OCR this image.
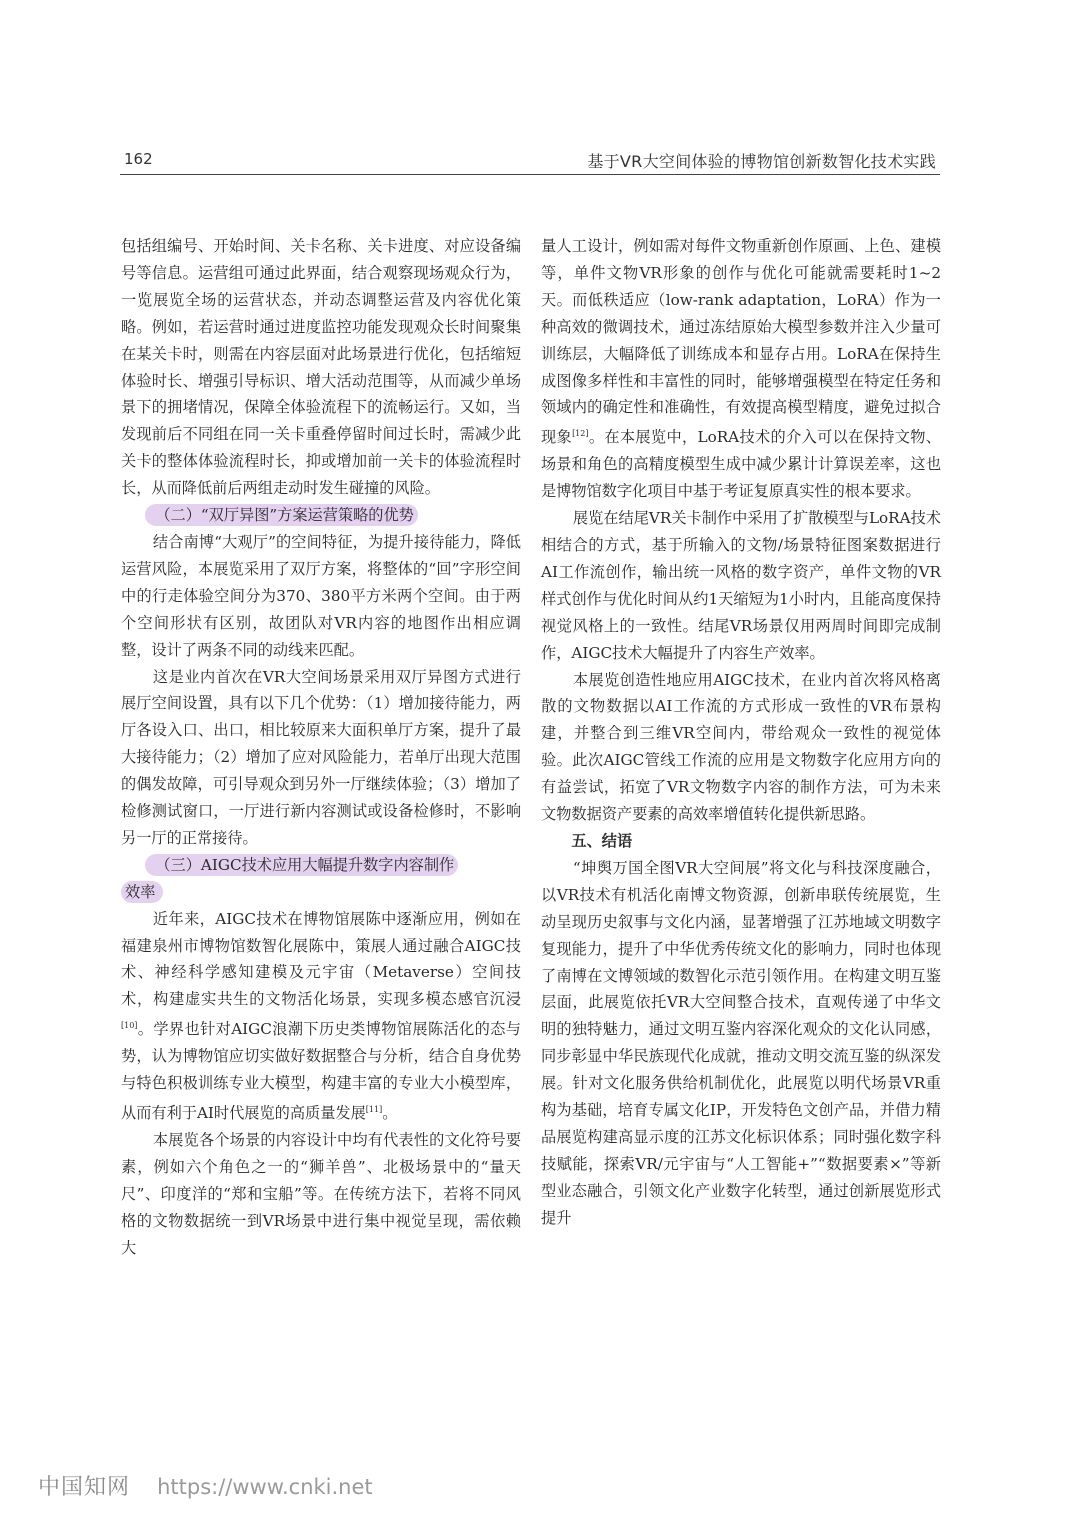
162	基于VR大空间体验的博物馆创新数智化技术实践

包括组编号、开始时间、关卡名称、关卡进度、对应设备编号等信息。运营组可通过此界面，结合观察现场观众行为，一览展览全场的运营状态，并动态调整运营及内容优化策略。例如，若运营时通过进度监控功能发现观众长时间聚集在某关卡时，则需在内容层面对此场景进行优化，包括缩短体验时长、增强引导标识、增大活动范围等，从而减少单场景下的拥堵情况，保障全体验流程下的流畅运行。又如，当发现前后不同组在同一关卡重叠停留时间过长时，需减少此关卡的整体体验流程时长，抑或增加前一关卡的体验流程时长，从而降低前后两组走动时发生碰撞的风险。

（二）“双厅异图”方案运营策略的优势

结合南博“大观厅”的空间特征，为提升接待能力，降低运营风险，本展览采用了双厅方案，将整体的“回”字形空间中的行走体验空间分为370、380平方米两个空间。由于两个空间形状有区别，故团队对VR内容的地图作出相应调整，设计了两条不同的动线来匹配。

这是业内首次在VR大空间场景采用双厅异图方式进行展厅空间设置，具有以下几个优势：（1）增加接待能力，两厅各设入口、出口，相比较原来大面积单厅方案，提升了最大接待能力；（2）增加了应对风险能力，若单厅出现大范围的偶发故障，可引导观众到另外一厅继续体验；（3）增加了检修测试窗口，一厅进行新内容测试或设备检修时，不影响另一厅的正常接待。

（三）AIGC技术应用大幅提升数字内容制作

效率

近年来，AIGC技术在博物馆展陈中逐渐应用，例如在福建泉州市博物馆数智化展陈中，策展人通过融合AIGC技术、神经科学感知建模及元宇宙（Metaverse）空间技术，构建虚实共生的文物活化场景，实现多模态感官沉浸[10]。学界也针对AIGC浪潮下历史类博物馆展陈活化的态与势，认为博物馆应切实做好数据整合与分析，结合自身优势与特色积极训练专业大模型，构建丰富的专业大小模型库，从而有利于AI时代展览的高质量发展[11]。

本展览各个场景的内容设计中均有代表性的文化符号要素，例如六个角色之一的“狮羊兽”、北极场景中的“量天尺”、印度洋的“郑和宝船”等。在传统方法下，若将不同风格的文物数据统一到VR场景中进行集中视觉呈现，需依赖大

量人工设计，例如需对每件文物重新创作原画、上色、建模等，单件文物VR形象的创作与优化可能就需要耗时1~2天。而低秩适应（low-rank adaptation，LoRA）作为一种高效的微调技术，通过冻结原始大模型参数并注入少量可训练层，大幅降低了训练成本和显存占用。LoRA在保持生成图像多样性和丰富性的同时，能够增强模型在特定任务和领域内的确定性和准确性，有效提高模型精度，避免过拟合现象[12]。在本展览中，LoRA技术的介入可以在保持文物、场景和角色的高精度模型生成中减少累计计算误差率，这也是博物馆数字化项目中基于考证复原真实性的根本要求。

展览在结尾VR关卡制作中采用了扩散模型与LoRA技术相结合的方式，基于所输入的文物/场景特征图案数据进行AI工作流创作，输出统一风格的数字资产，单件文物的VR样式创作与优化时间从约1天缩短为1小时内，且能高度保持视觉风格上的一致性。结尾VR场景仅用两周时间即完成制作，AIGC技术大幅提升了内容生产效率。

本展览创造性地应用AIGC技术，在业内首次将风格离散的文物数据以AI工作流的方式形成一致性的VR布景构建，并整合到三维VR空间内，带给观众一致性的视觉体验。此次AIGC管线工作流的应用是文物数字化应用方向的有益尝试，拓宽了VR文物数字内容的制作方法，可为未来文物数据资产要素的高效率增值转化提供新思路。

五、结语

“坤舆万国全图VR大空间展”将文化与科技深度融合，以VR技术有机活化南博文物资源，创新串联传统展览，生动呈现历史叙事与文化内涵，显著增强了江苏地域文明数字复现能力，提升了中华优秀传统文化的影响力，同时也体现了南博在文博领域的数智化示范引领作用。在构建文明互鉴层面，此展览依托VR大空间整合技术，直观传递了中华文明的独特魅力，通过文明互鉴内容深化观众的文化认同感，同步彰显中华民族现代化成就，推动文明交流互鉴的纵深发展。针对文化服务供给机制优化，此展览以明代场景VR重构为基础，培育专属文化IP，开发特色文创产品，并借力精品展览构建高显示度的江苏文化标识体系；同时强化数字科技赋能，探索VR/元宇宙与“人工智能+”“数据要素×”等新型业态融合，引领文化产业数字化转型，通过创新展览形式提升

中国知网 https://www.cnki.net
